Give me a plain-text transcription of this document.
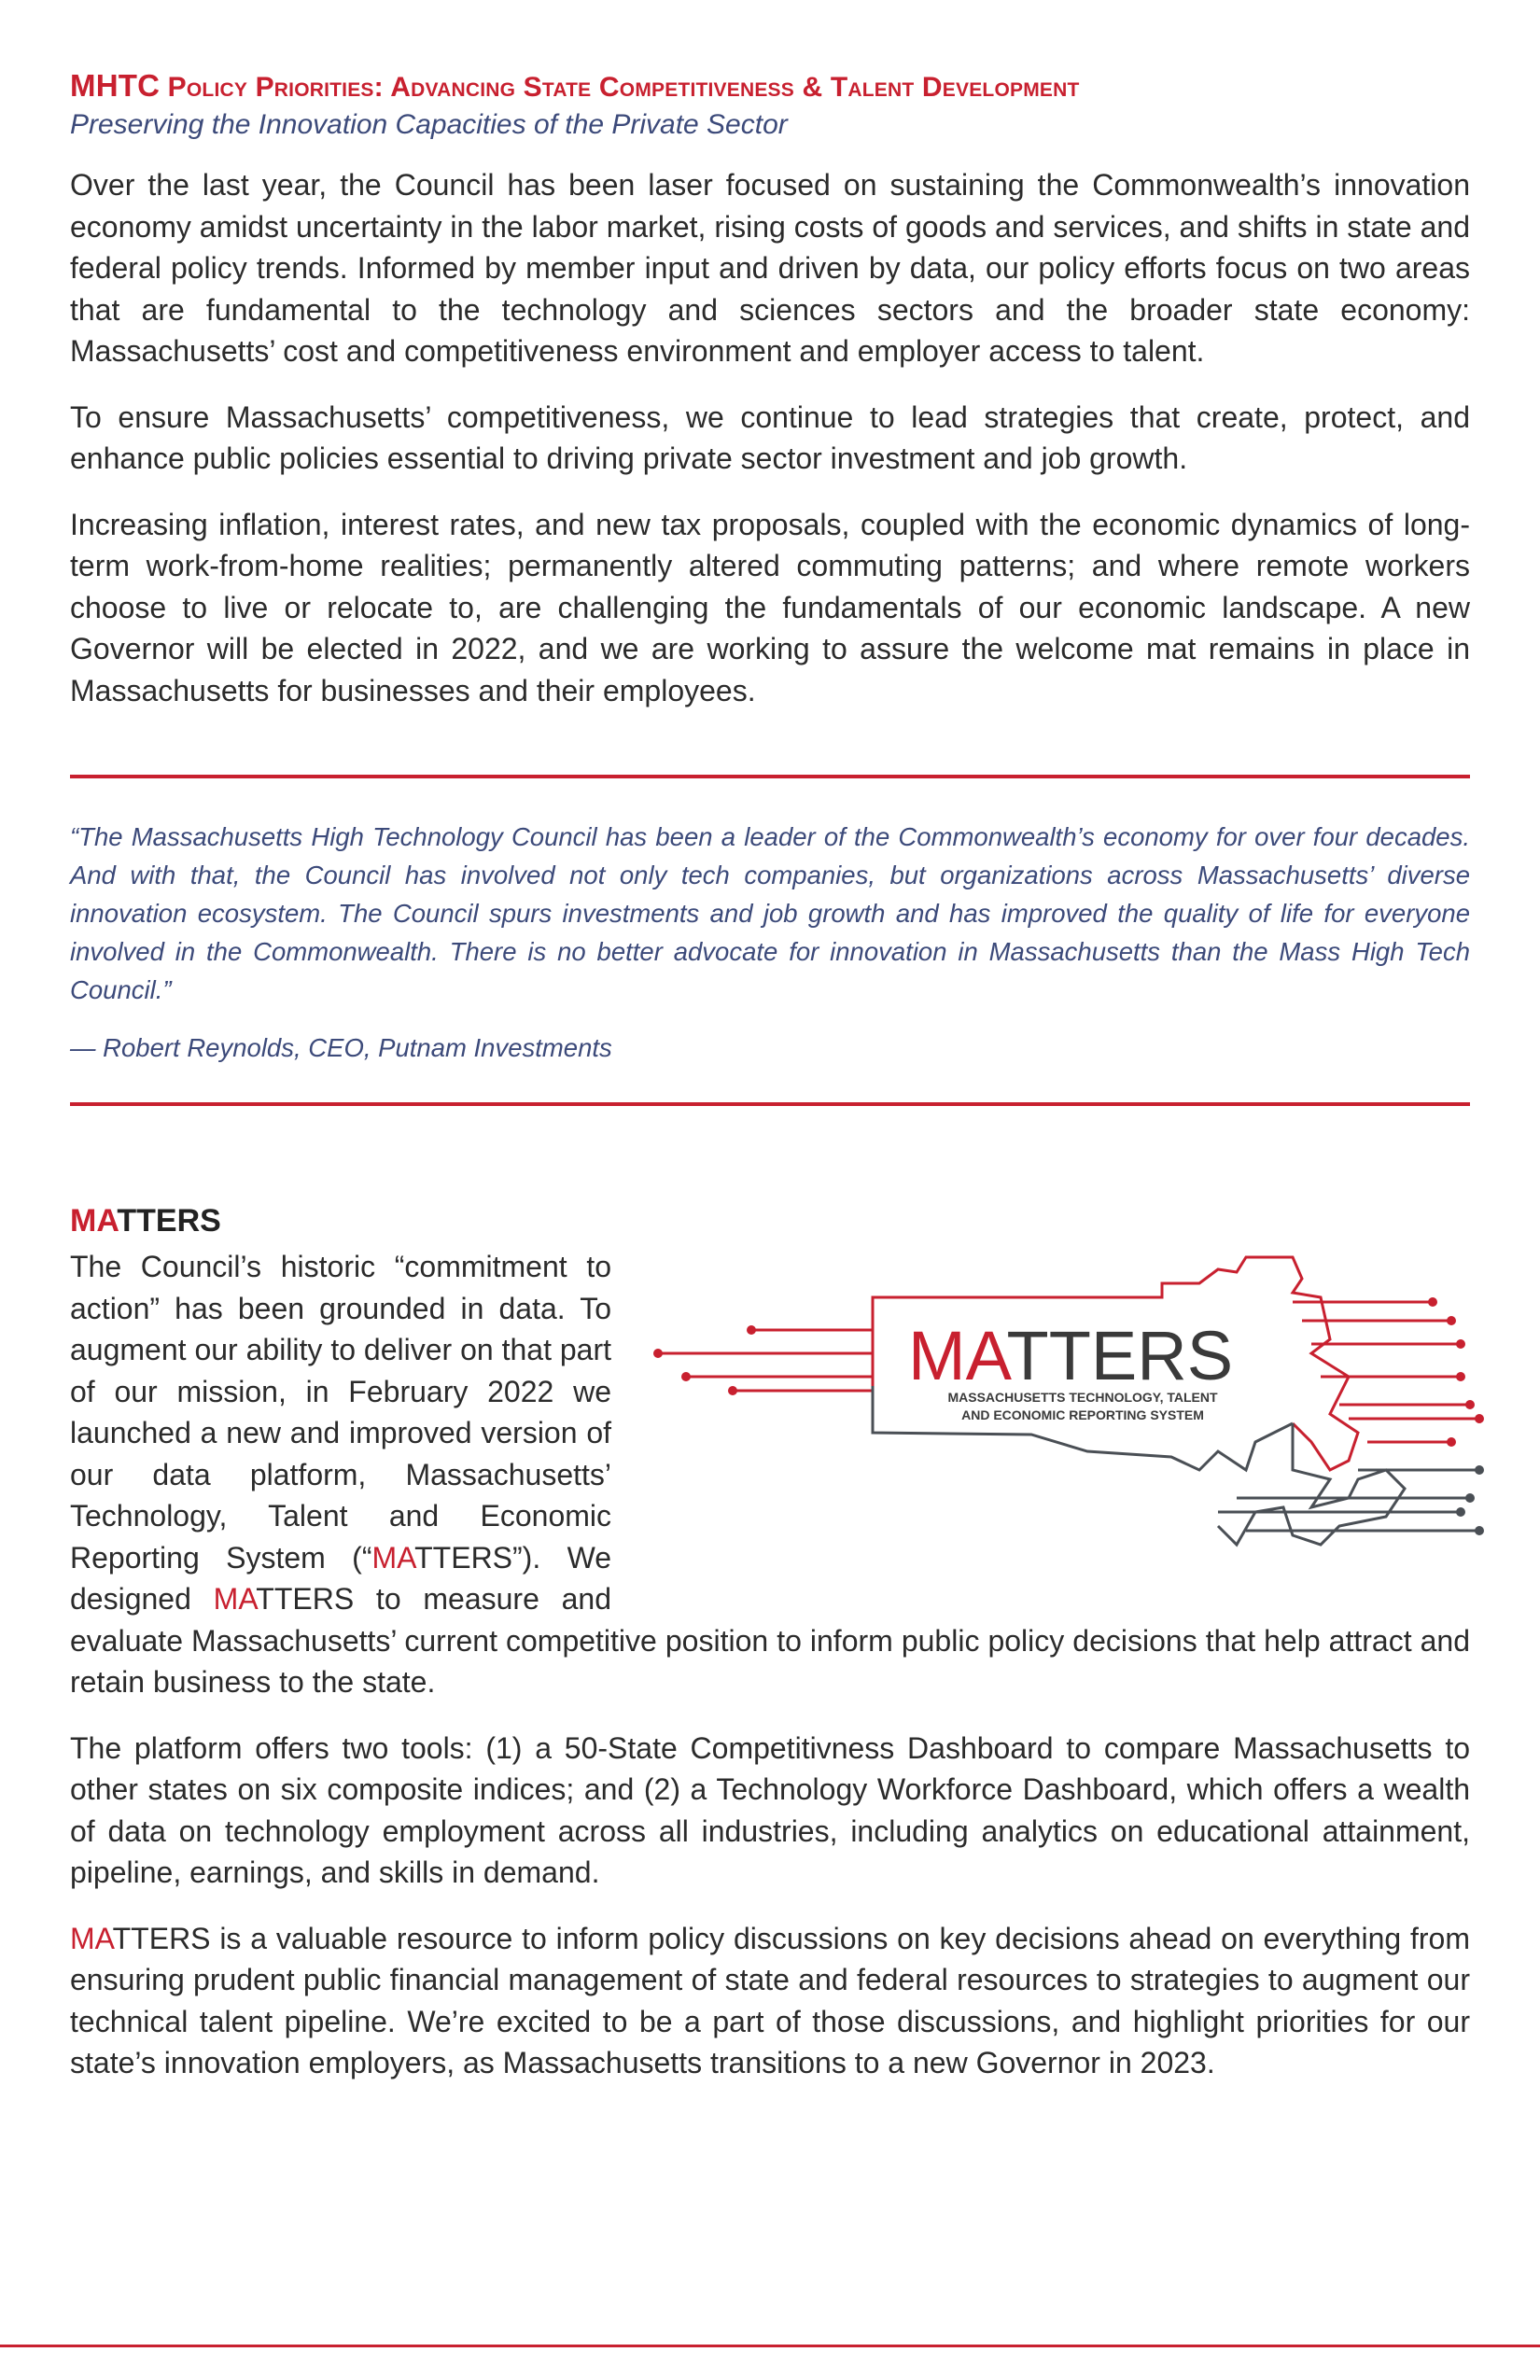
MHTC Policy Priorities: Advancing State Competitiveness & Talent Development

Preserving the Innovation Capacities of the Private Sector

Over the last year, the Council has been laser focused on sustaining the Commonwealth’s innovation economy amidst uncertainty in the labor market, rising costs of goods and services, and shifts in state and federal policy trends. Informed by member input and driven by data, our policy efforts focus on two areas that are fundamental to the technology and sciences sectors and the broader state economy: Massachusetts’ cost and competitiveness environment and employer access to talent.

To ensure Massachusetts’ competitiveness, we continue to lead strategies that create, protect, and enhance public policies essential to driving private sector investment and job growth.

Increasing inflation, interest rates, and new tax proposals, coupled with the economic dynamics of long-term work-from-home realities; permanently altered commuting patterns; and where remote workers choose to live or relocate to, are challenging the fundamentals of our economic landscape. A new Governor will be elected in 2022, and we are working to assure the welcome mat remains in place in Massachusetts for businesses and their employees.

“The Massachusetts High Technology Council has been a leader of the Commonwealth’s economy for over four decades. And with that, the Council has involved not only tech companies, but organizations across Massachusetts’ diverse innovation ecosystem. The Council spurs investments and job growth and has improved the quality of life for everyone involved in the Commonwealth. There is no better advocate for innovation in Massachusetts than the Mass High Tech Council.”

— Robert Reynolds, CEO, Putnam Investments

MATTERS
MATTERS
MASSACHUSETTS TECHNOLOGY, TALENT
AND ECONOMIC REPORTING SYSTEM

The Council’s historic “commitment to action” has been grounded in data. To augment our ability to deliver on that part of our mission, in February 2022 we launched a new and improved version of our data platform, Massachusetts’ Technology, Talent and Economic Reporting System (“MATTERS”). We designed MATTERS to measure and evaluate Massachusetts’ current competitive position to inform public policy decisions that help attract and retain business to the state.

The platform offers two tools: (1) a 50-State Competitivness Dashboard to compare Massachusetts to other states on six composite indices; and (2) a Technology Workforce Dashboard, which offers a wealth of data on technology employment across all industries, including analytics on educational attainment, pipeline, earnings, and skills in demand.

MATTERS is a valuable resource to inform policy discussions on key decisions ahead on everything from ensuring prudent public financial management of state and federal resources to strategies to augment our technical talent pipeline. We’re excited to be a part of those discussions, and highlight priorities for our state’s innovation employers, as Massachusetts transitions to a new Governor in 2023.
